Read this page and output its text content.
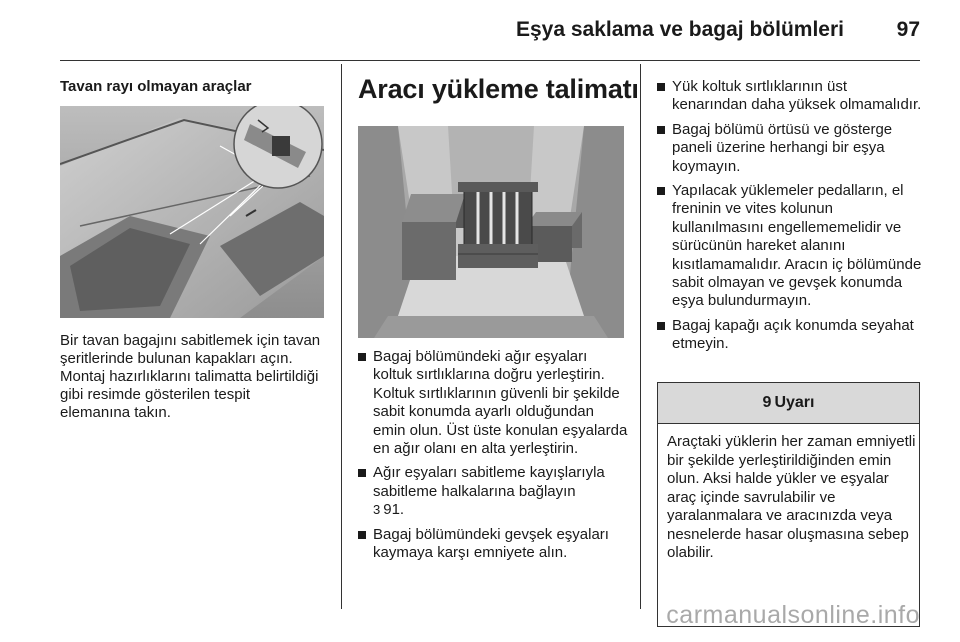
Eşya saklama ve bagaj bölümleri	97
Tavan rayı olmayan araçlar

Bir tavan bagajını sabitlemek için tavan şeritlerinde bulunan kapakları açın. Montaj hazırlıklarını talimatta belirtildiği gibi resimde gösterilen tespit elemanına takın.

Aracı yükleme talimatı
Bagaj bölümündeki ağır eşyaları koltuk sırtlıklarına doğru yerleştirin. Koltuk sırtlıklarının güvenli bir şekilde sabit konumda ayarlı olduğundan emin olun. Üst üste konulan eşyalarda en ağır olanı en alta yerleştirin.
Ağır eşyaları sabitleme kayışlarıyla sabitleme halkalarına bağlayın
3 91.
Bagaj bölümündeki gevşek eşyaları kaymaya karşı emniyete alın.
Yük koltuk sırtlıklarının üst kenarından daha yüksek olmamalıdır.
Bagaj bölümü örtüsü ve gösterge paneli üzerine herhangi bir eşya koymayın.
Yapılacak yüklemeler pedalların, el freninin ve vites kolunun kullanılmasını engellememelidir ve sürücünün hareket alanını kısıtlamamalıdır. Aracın iç bölümünde sabit olmayan ve gevşek konumda eşya bulundurmayın.
Bagaj kapağı açık konumda seyahat etmeyin.
9 Uyarı

Araçtaki yüklerin her zaman emniyetli bir şekilde yerleştirildiğinden emin olun. Aksi halde yükler ve eşyalar araç içinde savrulabilir ve yaralanmalara ve aracınızda veya nesnelerde hasar oluşmasına sebep olabilir.

carmanualsonline.info
